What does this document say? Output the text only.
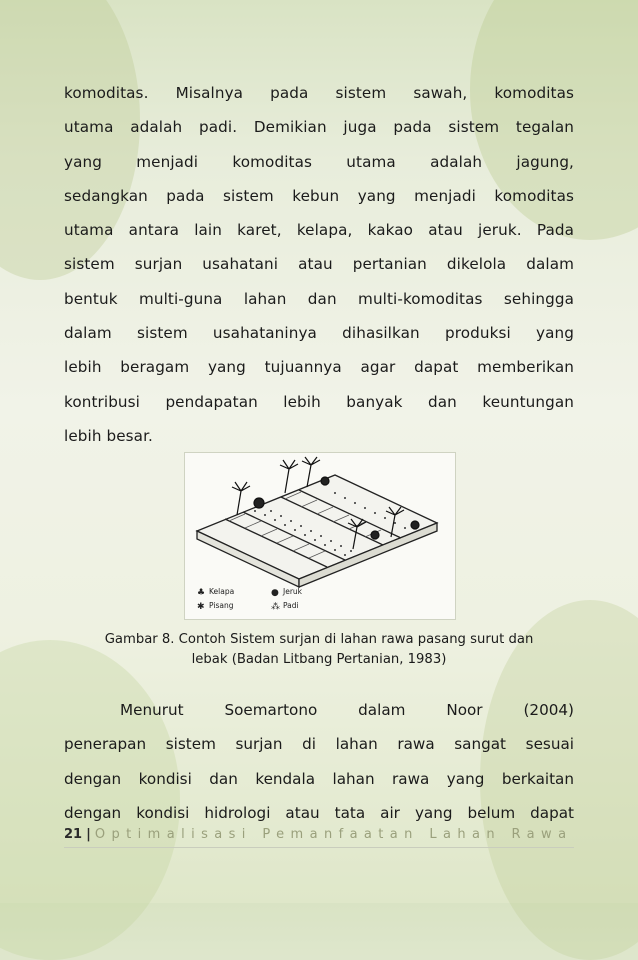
komoditas. Misalnya pada sistem sawah, komoditas

utama adalah padi. Demikian juga pada sistem tegalan

yang menjadi komoditas utama adalah jagung,

sedangkan pada sistem kebun yang menjadi komoditas

utama antara lain karet, kelapa, kakao atau jeruk. Pada

sistem surjan usahatani atau pertanian dikelola dalam

bentuk multi-guna lahan dan multi-komoditas sehingga

dalam sistem usahataninya dihasilkan produksi yang

lebih beragam yang tujuannya agar dapat memberikan

kontribusi pendapatan lebih banyak dan keuntungan

lebih besar.

♣ Kelapa	● Jeruk
✱ Pisang	⁂ Padi
Gambar 8. Contoh Sistem surjan di lahan rawa pasang surut dan
lebak (Badan Litbang Pertanian, 1983)

Menurut Soemartono dalam Noor (2004)

penerapan sistem surjan di lahan rawa sangat sesuai

dengan kondisi dan kendala lahan rawa yang berkaitan

dengan kondisi hidrologi atau tata air yang belum dapat

21 | Optimalisasi Pemanfaatan Lahan Rawa
